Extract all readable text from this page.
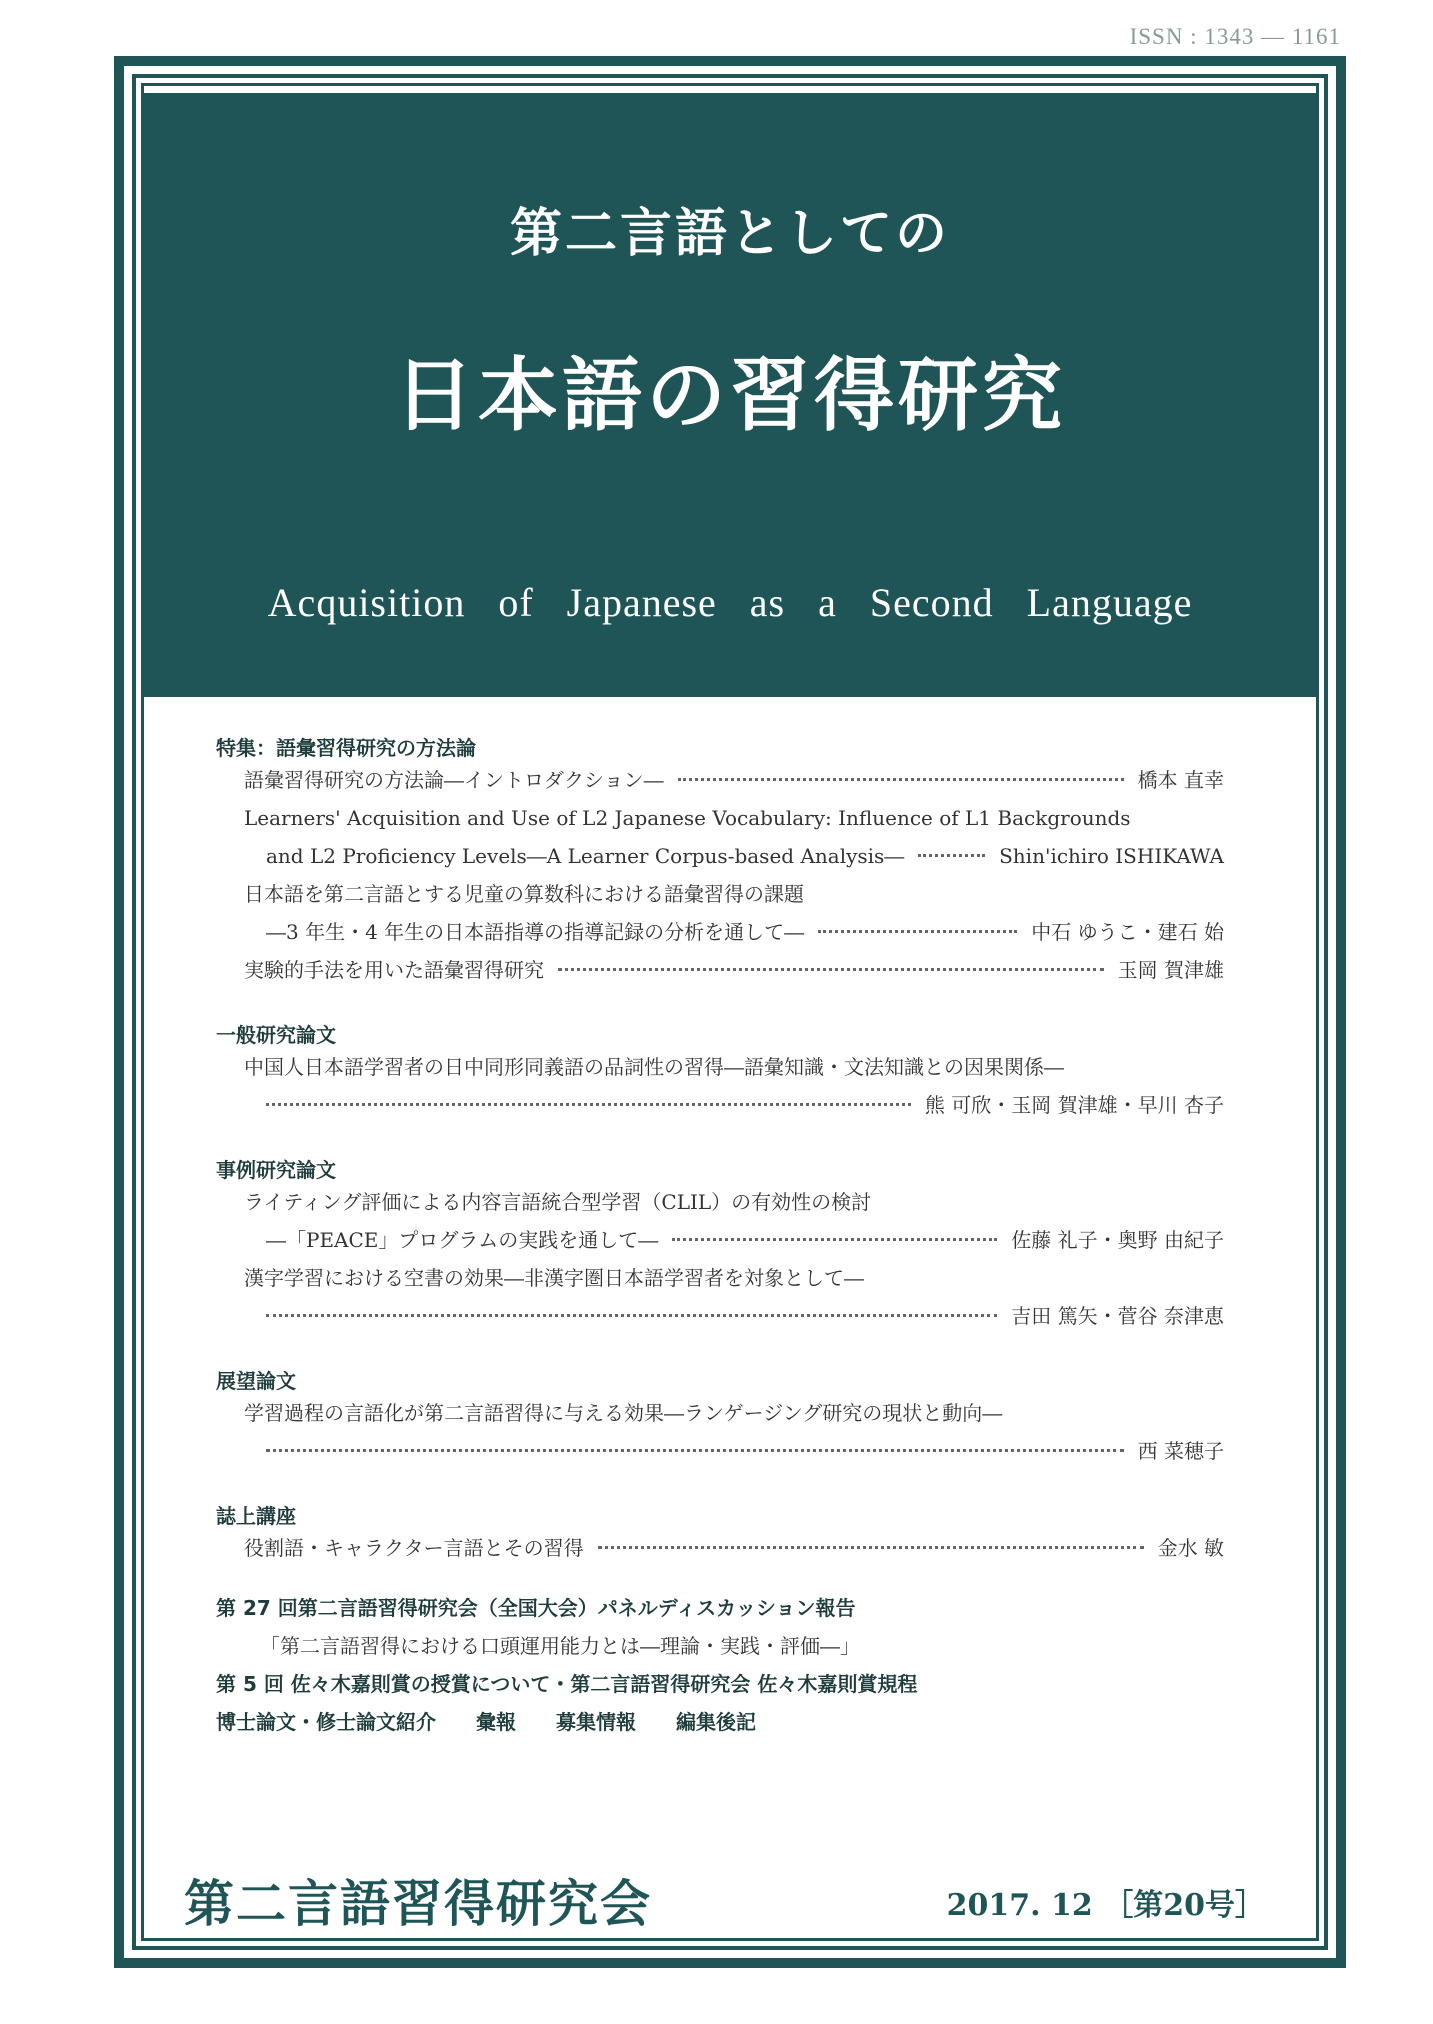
ISSN : 1343 ― 1161
第二言語としての
日本語の習得研究
Acquisition of Japanese as a Second Language
特集：語彙習得研究の方法論
語彙習得研究の方法論―イントロダクション―	橋本 直幸
Learners' Acquisition and Use of L2 Japanese Vocabulary: Influence of L1 Backgrounds
and L2 Proficiency Levels―A Learner Corpus-based Analysis―	Shin'ichiro ISHIKAWA
日本語を第二言語とする児童の算数科における語彙習得の課題
―3 年生・4 年生の日本語指導の指導記録の分析を通して―	中石 ゆうこ・建石 始
実験的手法を用いた語彙習得研究	玉岡 賀津雄
一般研究論文
中国人日本語学習者の日中同形同義語の品詞性の習得―語彙知識・文法知識との因果関係―
熊 可欣・玉岡 賀津雄・早川 杏子
事例研究論文
ライティング評価による内容言語統合型学習（CLIL）の有効性の検討
―「PEACE」プログラムの実践を通して―	佐藤 礼子・奥野 由紀子
漢字学習における空書の効果―非漢字圏日本語学習者を対象として―
吉田 篤矢・菅谷 奈津恵
展望論文
学習過程の言語化が第二言語習得に与える効果―ランゲージング研究の現状と動向―
西 菜穂子
誌上講座
役割語・キャラクター言語とその習得	金水 敏
第 27 回第二言語習得研究会（全国大会）パネルディスカッション報告
「第二言語習得における口頭運用能力とは―理論・実践・評価―」
第 5 回 佐々木嘉則賞の授賞について・第二言語習得研究会 佐々木嘉則賞規程
博士論文・修士論文紹介　　彙報　　募集情報　　編集後記
第二言語習得研究会	2017. 12 ［第20号］
